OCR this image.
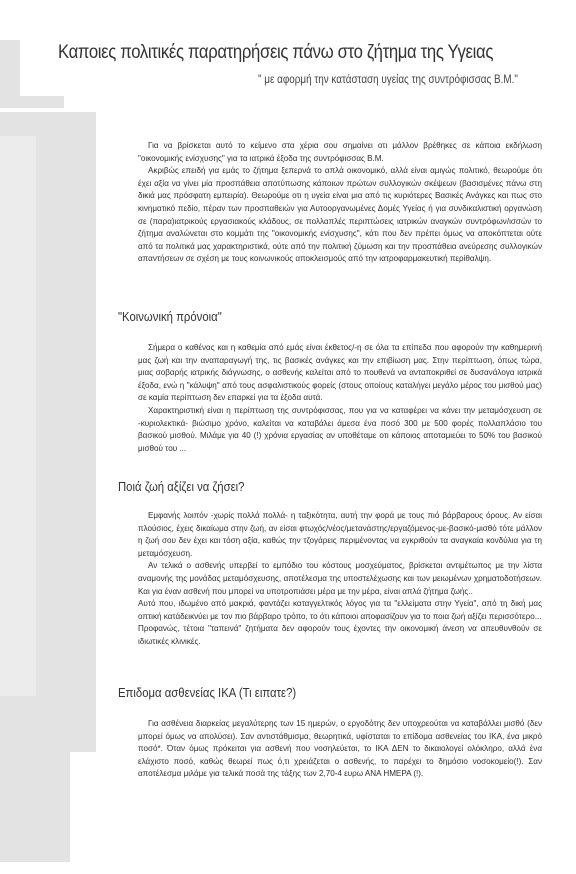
Καποιες πολιτικές παρατηρήσεις πάνω στο ζήτημα της Υγειας
" με αφορμή την κατάσταση υγείας της συντρόφισσας Β.Μ."

Για να βρίσκεται αυτό το κείμενο στα χέρια σου σημαίνει οτι μάλλον βρέθηκες σε κάποια εκδήλωση "οικονομικής ενίσχυσης" για τα ιατρικά έξοδα της συντρόφισσας Β.Μ.

Ακριβώς επειδή για εμάς το ζήτημα ξεπερνά το απλά οικονομικό, αλλά είναι αμιγώς πολιτικό, θεωρούμε ότι έχει αξία να γίνει μία προσπάθεια αποτύπωσης κάποιων πρώτων συλλογικών σκέψεων (βασισμένες πάνω στη δικιά μας πρόσφατη εμπειρία). Θεωρούμε οτι η υγεία είναι μια από τις κυριότερες Βασικές Ανάγκες και πως στο κινηματικό πεδίο, πέραν των προσπαθειών για Αυτοοργανωμένες Δομές Υγείας ή για συνδικαλιστική οργανώση σε (παρα)ιατρικούς εργασιακούς κλάδους, σε πολλαπλές περιπτώσεις ιατρικών αναγκών συντρόφων/ισσών το ζήτημα αναλώνεται στο κομμάτι της "οικονομικής ενίσχυσης", κάτι που δεν πρέπει όμως να αποκόπτεται ούτε από τα πολιτικά μας χαρακτηριστικά, ούτε από την πολιτική ζύμωση και την προσπάθεια ανεύρεσης συλλογικών απαντήσεων σε σχέση με τους κοινωνικούς αποκλεισμούς από την ιατροφαρμακευτική περίθαλψη.

"Κοινωνική πρόνοια"

Σήμερα ο καθένας και η καθεμία από εμάς είναι έκθετος/-η σε όλα τα επίπεδα που αφορούν την καθημερινή μας ζωή και την αναπαραγωγή της, τις βασικές ανάγκες και την επιβίωση μας. Στην περίπτωση, όπως τώρα, μιας σοβαρής ιατρικής διάγνωσης, ο ασθενής καλείται από το πουθενά να ανταποκριθεί σε δυσανάλογα ιατρικά έξοδα, ενώ η "κάλυψη" από τους ασφαλιστικούς φορείς (στους οποίους καταλήγει μεγάλο μέρος του μισθού μας) σε καμία περίπτωση δεν επαρκεί για τα έξοδα αυτά.

Χαρακτηριστική είναι η περίπτωση της συντρόφισσας, που για να καταφέρει να κάνει την μεταμόσχευση σε -κυριολεκτικά- βιώσιμο χρόνο, καλείται να καταβάλει άμεσα ένα ποσό 300 με 500 φορές πολλαπλάσιο του βασικού μισθού. Μιλάμε για 40 (!) χρόνια εργασίας αν υποθέταμε οτι κάποιος αποταμιεύει το 50% του βασικού μισθού του ...

Ποιά ζωή αξίζει να ζήσει?

Εμφανής λοιπόν -χωρίς πολλά πολλά- η ταξικότητα, αυτή την φορά με τους πιό βάρβαρους όρους. Αν είσαι πλούσιος, έχεις δικαίωμα στην ζωή, αν είσαι φτωχός/νέος/μετανάστης/εργαζόμενος-με-βασικό-μισθό τότε μάλλον η ζωή σου δεν έχει και τόση αξία, καθώς την τζογάρεις περιμένοντας να εγκριθούν τα αναγκαία κονδύλια για τη μεταμόσχευση.

Αν τελικά ο ασθενής υπερβεί το εμπόδιο του κόστους μοσχεύματος, βρίσκεται αντιμέτωπος με την λίστα αναμονής της μονάδας μεταμόσχευσης, αποτέλεσμα της υποστελέχωσης και των μειωμένων χρηματοδοτήσεων. Και για έναν ασθενή που μπορεί να υποτροπιάσει μέρα με την μέρα, είναι απλά ζήτημα ζωής..

Αυτό που, ιδωμένο από μακριά, φαντάζει καταγγελτικός λόγος για τα "ελλείματα στην Υγεία", από τη δική μας οπτική κατάδεικνύει με τον πιο βάρβαρο τρόπο, το ότι κάποιοι αποφασίζουν για το ποια ζωή αξίζει περισσότερο...

Προφανώς, τέτοια "ταπεινά" ζητήματα δεν αφορούν τους έχοντες την οικονομική άνεση να απευθυνθούν σε ιδιωτικές κλινικές.

Επιδομα ασθενείας ΙΚΑ (Τι ειπατε?)

Για ασθένεια διαρκείας μεγαλύτερης των 15 ημερών, ο εργοδότης δεν υποχρεούται να καταβάλλει μισθό (δεν μπορεί όμως να απολύσει). Σαν αντιστάθμισμα, θεωρητικά, υφίσταται το επίδομα ασθενείας του ΙΚΑ, ένα μικρό ποσό*. Όταν όμως πρόκειται για ασθενή που νοσηλεύεται, το ΙΚΑ ΔΕΝ το δικαιολογεί ολόκληρο, αλλά ένα ελάχιστο ποσό, καθώς θεωρεί πως ό,τι χρειάζεται ο ασθενής, το παρέχει το δημόσιο νοσοκομείο(!). Σαν αποτέλεσμα μιλάμε για τελικά ποσά της τάξης των 2,70-4 ευρω ΑΝΑ ΗΜΕΡΑ (!).
